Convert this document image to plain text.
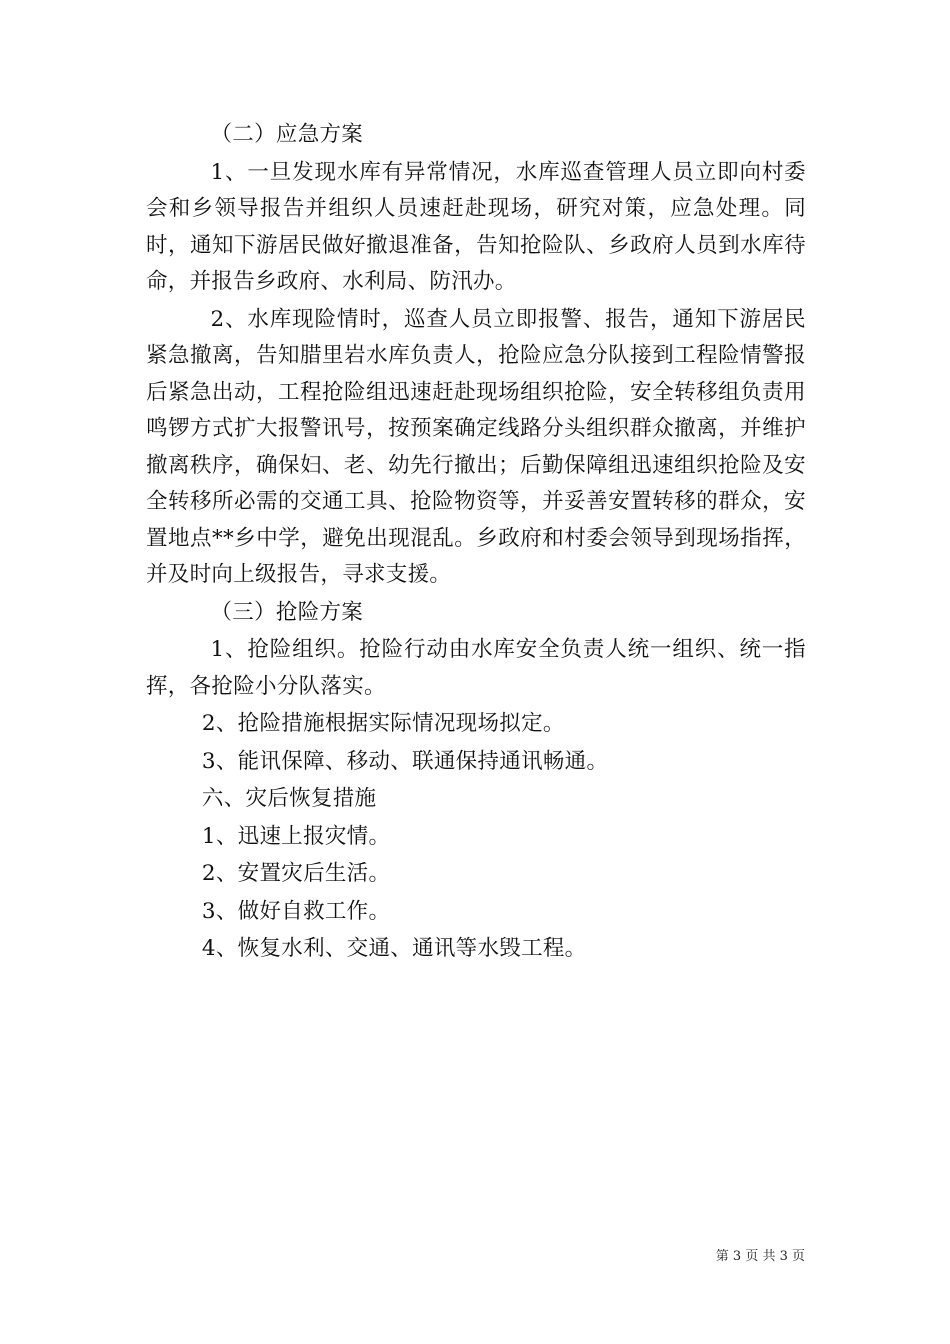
（二）应急方案

1、一旦发现水库有异常情况，水库巡查管理人员立即向村委会和乡领导报告并组织人员速赶赴现场，研究对策，应急处理。同时，通知下游居民做好撤退准备，告知抢险队、乡政府人员到水库待命，并报告乡政府、水利局、防汛办。

2、水库现险情时，巡查人员立即报警、报告，通知下游居民紧急撤离，告知腊里岩水库负责人，抢险应急分队接到工程险情警报后紧急出动，工程抢险组迅速赶赴现场组织抢险，安全转移组负责用鸣锣方式扩大报警讯号，按预案确定线路分头组织群众撤离，并维护撤离秩序，确保妇、老、幼先行撤出；后勤保障组迅速组织抢险及安全转移所必需的交通工具、抢险物资等，并妥善安置转移的群众，安置地点**乡中学，避免出现混乱。乡政府和村委会领导到现场指挥，并及时向上级报告，寻求支援。

（三）抢险方案

1、抢险组织。抢险行动由水库安全负责人统一组织、统一指挥，各抢险小分队落实。

2、抢险措施根据实际情况现场拟定。

3、能讯保障、移动、联通保持通讯畅通。

六、灾后恢复措施

1、迅速上报灾情。

2、安置灾后生活。

3、做好自救工作。

4、恢复水利、交通、通讯等水毁工程。

第 3 页 共 3 页
